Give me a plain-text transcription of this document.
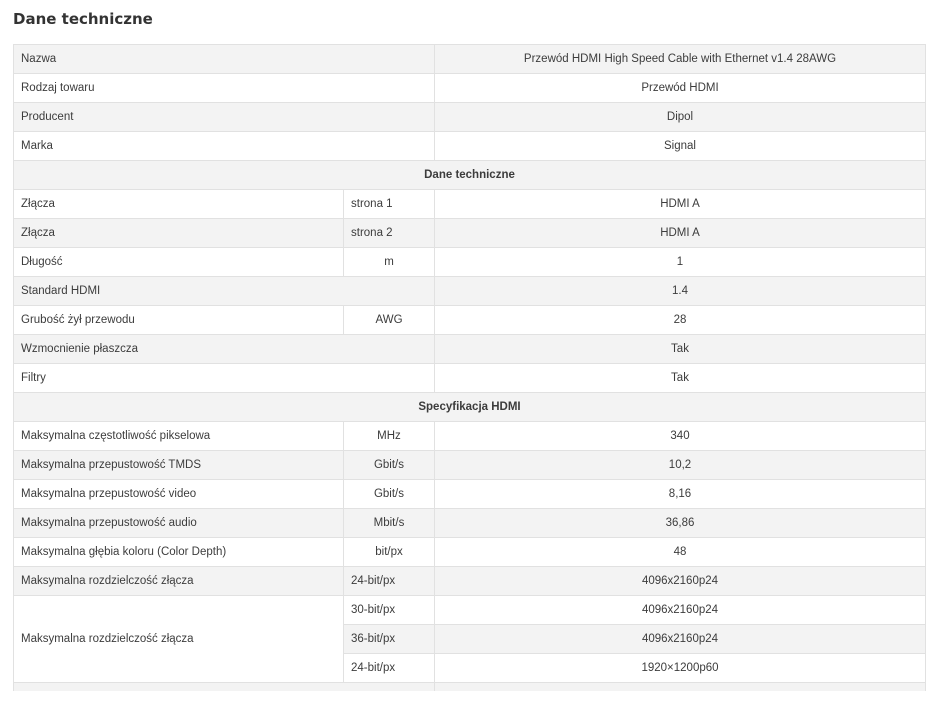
Dane techniczne
Nazwa		Przewód HDMI High Speed Cable with Ethernet v1.4 28AWG
Rodzaj towaru		Przewód HDMI
Producent		Dipol
Marka		Signal
Dane techniczne		
Złącza	strona 1	HDMI A
Złącza	strona 2	HDMI A
Długość	m	1
Standard HDMI		1.4
Grubość żył przewodu	AWG	28
Wzmocnienie płaszcza		Tak
Filtry		Tak
Specyfikacja HDMI		
Maksymalna częstotliwość pikselowa	MHz	340
Maksymalna przepustowość TMDS	Gbit/s	10,2
Maksymalna przepustowość video	Gbit/s	8,16
Maksymalna przepustowość audio	Mbit/s	36,86
Maksymalna głębia koloru (Color Depth)	bit/px	48
Maksymalna rozdzielczość złącza	24-bit/px	4096x2160p24
Maksymalna rozdzielczość złącza	30-bit/px	4096x2160p24
	36-bit/px	4096x2160p24
	24-bit/px	1920×1200p60
